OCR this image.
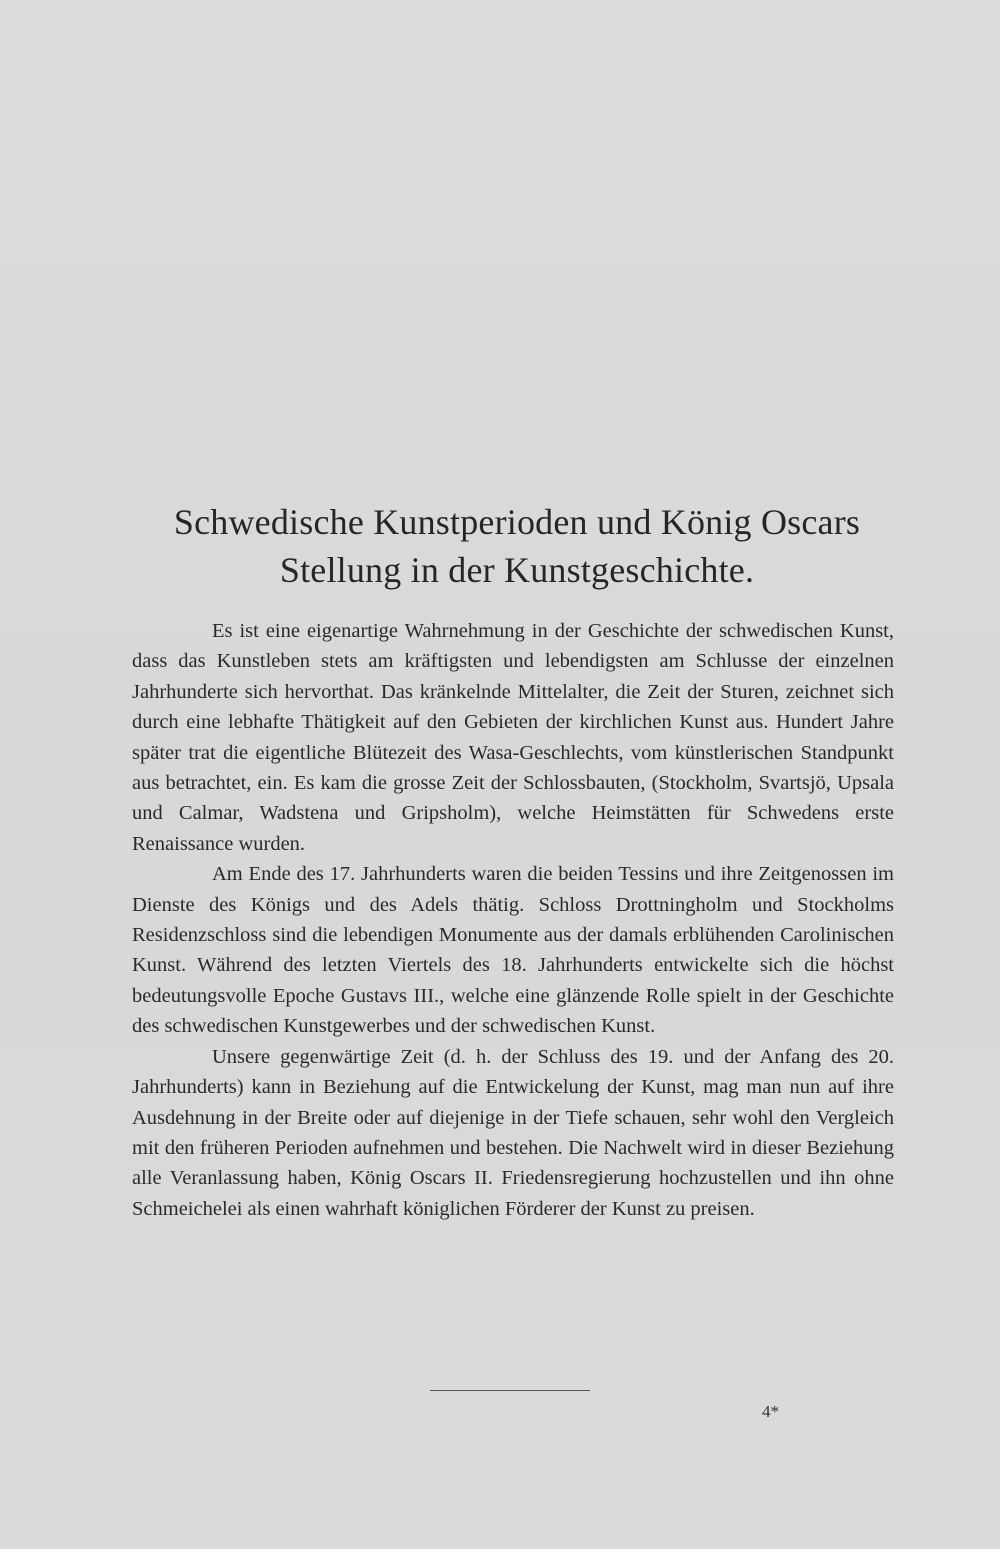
Schwedische Kunstperioden und König Oscars
Stellung in der Kunstgeschichte.

Es ist eine eigenartige Wahrnehmung in der Geschichte der schwedischen Kunst, dass das Kunstleben stets am kräftigsten und lebendigsten am Schlusse der einzelnen Jahrhunderte sich hervorthat. Das kränkelnde Mittelalter, die Zeit der Sturen, zeichnet sich durch eine lebhafte Thätigkeit auf den Gebieten der kirchlichen Kunst aus. Hundert Jahre später trat die eigentliche Blütezeit des Wasa-Geschlechts, vom künstlerischen Standpunkt aus betrachtet, ein. Es kam die grosse Zeit der Schlossbauten, (Stockholm, Svartsjö, Upsala und Calmar, Wadstena und Gripsholm), welche Heimstätten für Schwedens erste Renaissance wurden.

Am Ende des 17. Jahrhunderts waren die beiden Tessins und ihre Zeitgenossen im Dienste des Königs und des Adels thätig. Schloss Drottningholm und Stockholms Residenzschloss sind die lebendigen Monumente aus der damals erblühenden Carolinischen Kunst. Während des letzten Viertels des 18. Jahrhunderts entwickelte sich die höchst bedeutungsvolle Epoche Gustavs III., welche eine glänzende Rolle spielt in der Geschichte des schwedischen Kunstgewerbes und der schwedischen Kunst.

Unsere gegenwärtige Zeit (d. h. der Schluss des 19. und der Anfang des 20. Jahrhunderts) kann in Beziehung auf die Entwickelung der Kunst, mag man nun auf ihre Ausdehnung in der Breite oder auf diejenige in der Tiefe schauen, sehr wohl den Vergleich mit den früheren Perioden aufnehmen und bestehen. Die Nachwelt wird in dieser Beziehung alle Veranlassung haben, König Oscars II. Friedensregierung hochzustellen und ihn ohne Schmeichelei als einen wahrhaft königlichen Förderer der Kunst zu preisen.

4*
